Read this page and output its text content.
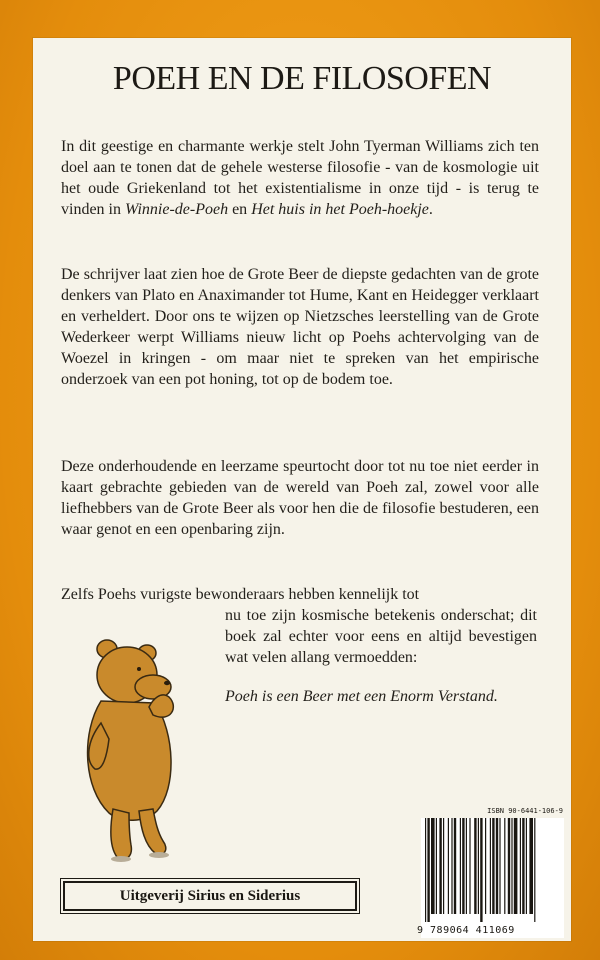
POEH EN DE FILOSOFEN

In dit geestige en charmante werkje stelt John Tyerman Williams zich ten doel aan te tonen dat de gehele westerse filosofie - van de kosmologie uit het oude Griekenland tot het existentialisme in onze tijd - is terug te vinden in Winnie-de-Poeh en Het huis in het Poeh-hoekje.

De schrijver laat zien hoe de Grote Beer de diepste gedachten van de grote denkers van Plato en Anaximander tot Hume, Kant en Heidegger verklaart en verheldert. Door ons te wijzen op Nietzsches leerstelling van de Grote Wederkeer werpt Williams nieuw licht op Poehs achtervolging van de Woezel in kringen - om maar niet te spreken van het empirische onderzoek van een pot honing, tot op de bodem toe.

Deze onderhoudende en leerzame speurtocht door tot nu toe niet eerder in kaart gebrachte gebieden van de wereld van Poeh zal, zowel voor alle liefhebbers van de Grote Beer als voor hen die de filosofie bestuderen, een waar genot en een openbaring zijn.

Zelfs Poehs vurigste bewonderaars hebben kennelijk tot

nu toe zijn kosmische betekenis onderschat; dit boek zal echter voor eens en altijd bevestigen wat velen allang vermoedden:

Poeh is een Beer met een Enorm Verstand.

Uitgeverij Sirius en Siderius
ISBN 90-6441-106-9
9 789064 411069
